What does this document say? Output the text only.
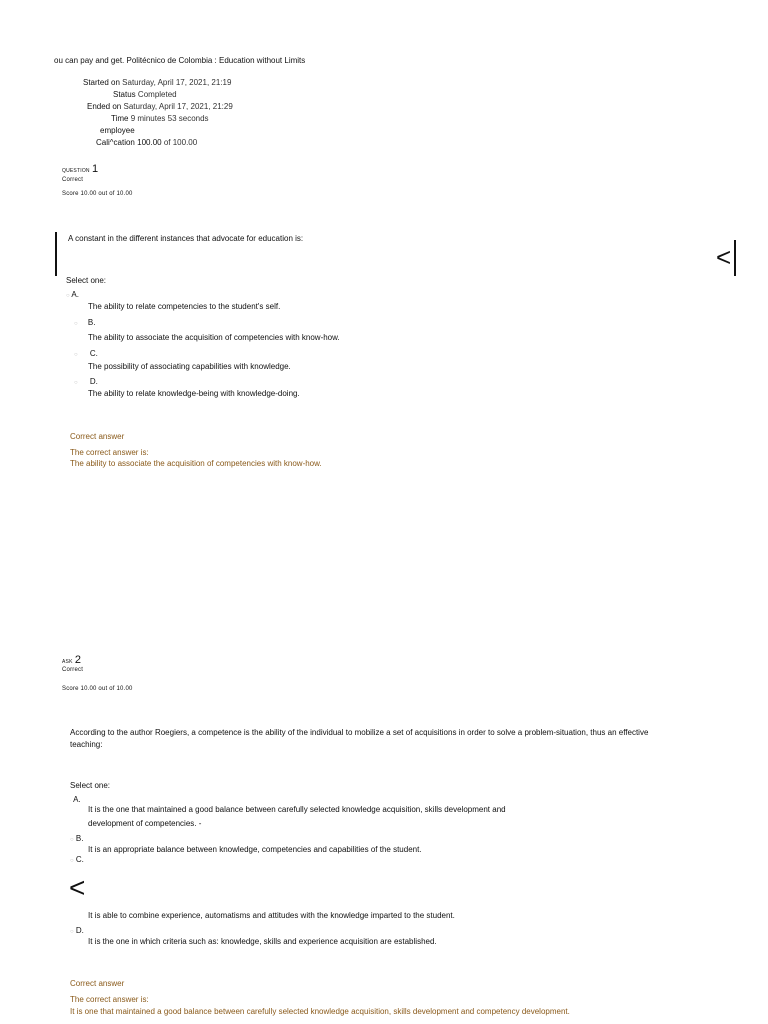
ou can pay and get. Politécnico de Colombia : Education without Limits
Started on Saturday, April 17, 2021, 21:19
Status Completed
Ended on Saturday, April 17, 2021, 21:29
Time 9 minutes 53 seconds
employee
Cali^cation 100.00 of 100.00
QUESTION 1
Correct
Score 10.00 out of 10.00
A constant in the different instances that advocate for education is:
<
Select one:
○ A.
The ability to relate competencies to the student's self.
○ B.
The ability to associate the acquisition of competencies with know-how.
○ C.
The possibility of associating capabilities with knowledge.
○ D.
The ability to relate knowledge-being with knowledge-doing.
Correct answer
The correct answer is:
The ability to associate the acquisition of competencies with know-how.
ASK 2
Correct
Score 10.00 out of 10.00
According to the author Roegiers, a competence is the ability of the individual to mobilize a set of acquisitions in order to solve a problem-situation, thus an effective
teaching:
Select one:
· A.
It is the one that maintained a good balance between carefully selected knowledge acquisition, skills development and
development of competencies. -
○ B.
It is an appropriate balance between knowledge, competencies and capabilities of the student.
○ C.
<
It is able to combine experience, automatisms and attitudes with the knowledge imparted to the student.
○ D.
It is the one in which criteria such as: knowledge, skills and experience acquisition are established.
Correct answer
The correct answer is:
It is one that maintained a good balance between carefully selected knowledge acquisition, skills development and competency development.
